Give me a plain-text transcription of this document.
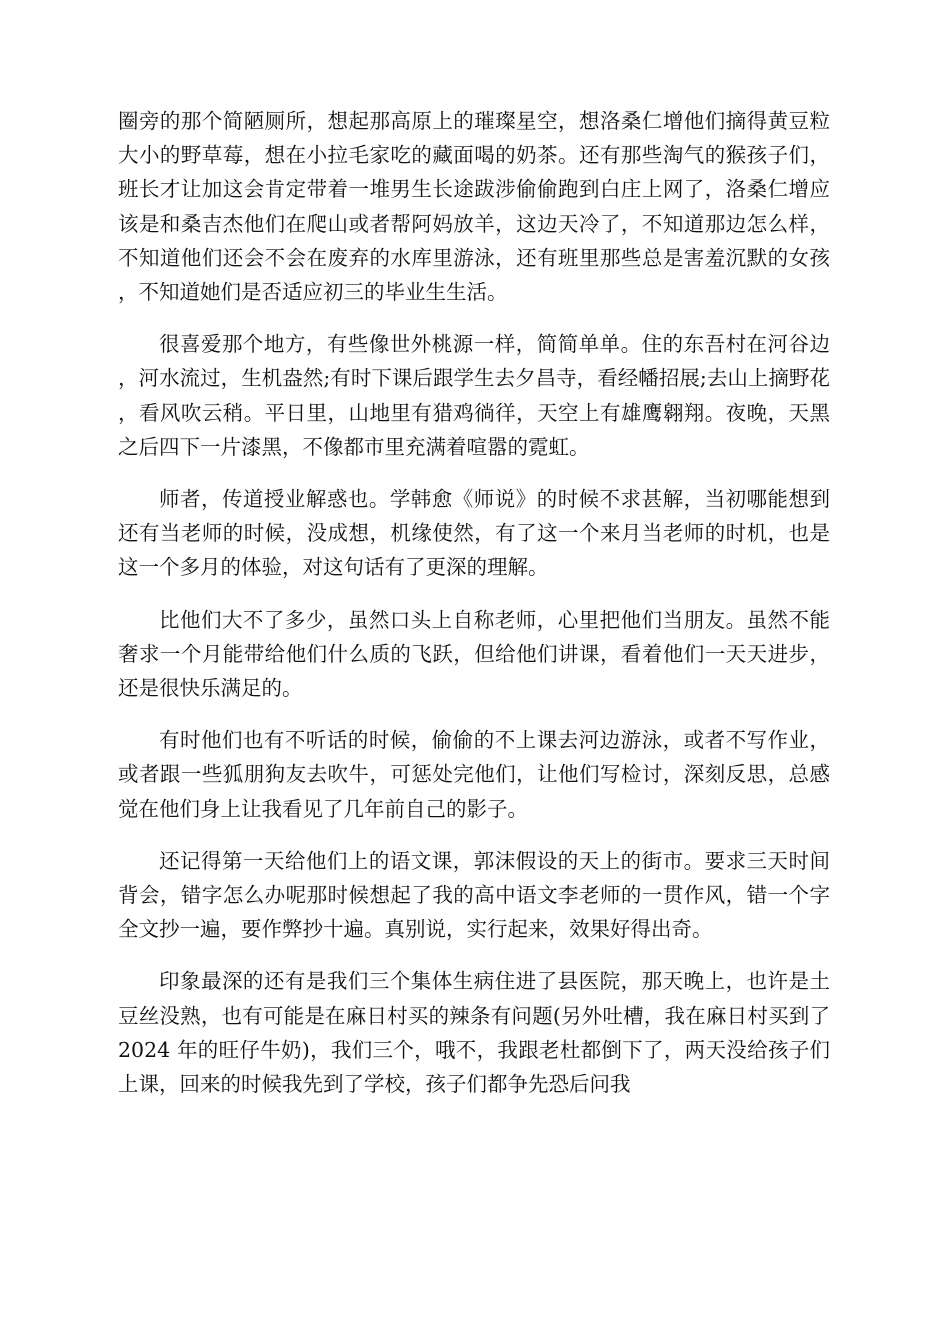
圈旁的那个简陋厕所，想起那高原上的璀璨星空，想洛桑仁增他们摘得黄豆粒大小的野草莓，想在小拉毛家吃的藏面喝的奶茶。还有那些淘气的猴孩子们，班长才让加这会肯定带着一堆男生长途跋涉偷偷跑到白庄上网了，洛桑仁增应该是和桑吉杰他们在爬山或者帮阿妈放羊，这边天冷了，不知道那边怎么样，不知道他们还会不会在废弃的水库里游泳，还有班里那些总是害羞沉默的女孩，不知道她们是否适应初三的毕业生生活。

很喜爱那个地方，有些像世外桃源一样，简简单单。住的东吾村在河谷边，河水流过，生机盎然;有时下课后跟学生去夕昌寺，看经幡招展;去山上摘野花，看风吹云稍。平日里，山地里有猎鸡徜徉，天空上有雄鹰翱翔。夜晚，天黑之后四下一片漆黑，不像都市里充满着喧嚣的霓虹。

师者，传道授业解惑也。学韩愈《师说》的时候不求甚解，当初哪能想到还有当老师的时候，没成想，机缘使然，有了这一个来月当老师的时机，也是这一个多月的体验，对这句话有了更深的理解。

比他们大不了多少，虽然口头上自称老师，心里把他们当朋友。虽然不能奢求一个月能带给他们什么质的飞跃，但给他们讲课，看着他们一天天进步，还是很快乐满足的。

有时他们也有不听话的时候，偷偷的不上课去河边游泳，或者不写作业，或者跟一些狐朋狗友去吹牛，可惩处完他们，让他们写检讨，深刻反思，总感觉在他们身上让我看见了几年前自己的影子。

还记得第一天给他们上的语文课，郭沫假设的天上的街市。要求三天时间背会，错字怎么办呢那时候想起了我的高中语文李老师的一贯作风，错一个字全文抄一遍，要作弊抄十遍。真别说，实行起来，效果好得出奇。

印象最深的还有是我们三个集体生病住进了县医院，那天晚上，也许是土豆丝没熟，也有可能是在麻日村买的辣条有问题(另外吐槽，我在麻日村买到了 2024 年的旺仔牛奶)，我们三个，哦不，我跟老杜都倒下了，两天没给孩子们上课，回来的时候我先到了学校，孩子们都争先恐后问我
